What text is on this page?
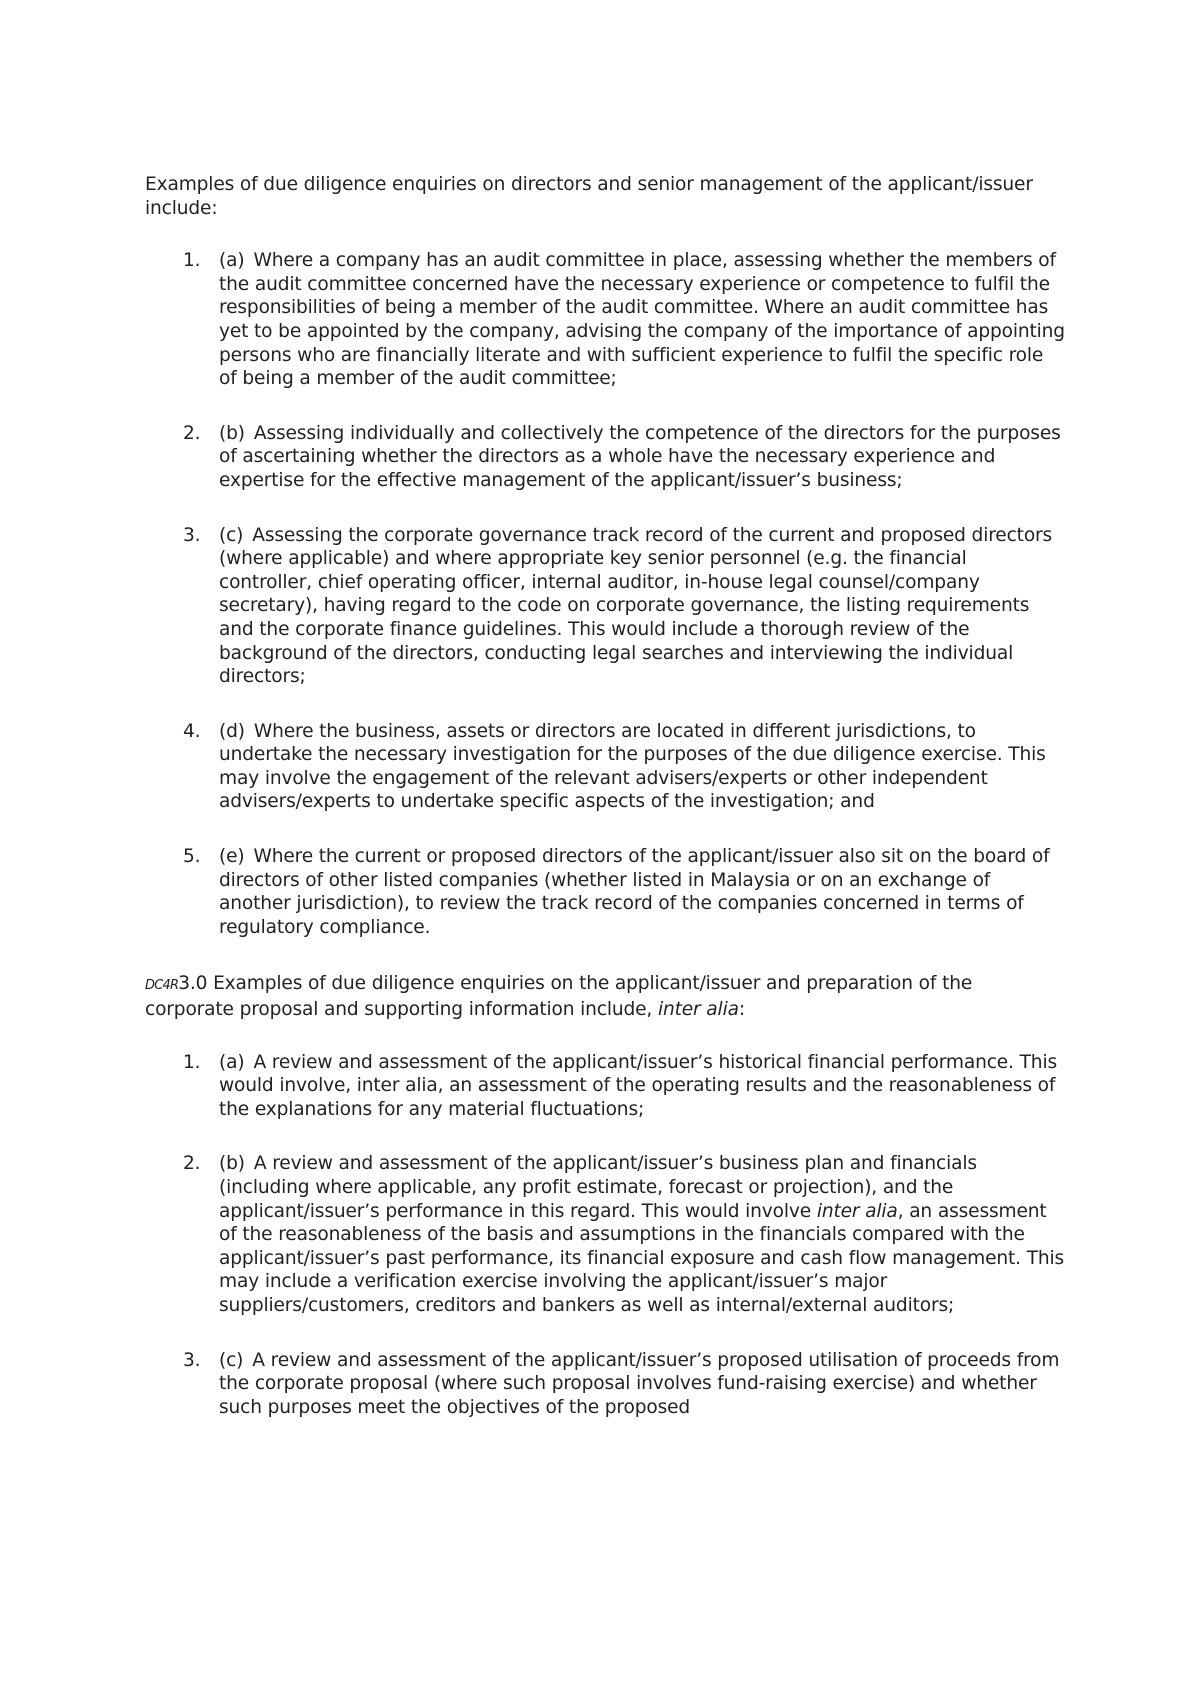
Examples of due diligence enquiries on directors and senior management of the applicant/issuer include:

1. (a) Where a company has an audit committee in place, assessing whether the members of the audit committee concerned have the necessary experience or competence to fulfil the responsibilities of being a member of the audit committee. Where an audit committee has yet to be appointed by the company, advising the company of the importance of appointing persons who are financially literate and with sufficient experience to fulfil the specific role of being a member of the audit committee;
2. (b) Assessing individually and collectively the competence of the directors for the purposes of ascertaining whether the directors as a whole have the necessary experience and expertise for the effective management of the applicant/issuer’s business;
3. (c) Assessing the corporate governance track record of the current and proposed directors (where applicable) and where appropriate key senior personnel (e.g. the financial controller, chief operating officer, internal auditor, in-house legal counsel/company secretary), having regard to the code on corporate governance, the listing requirements and the corporate finance guidelines. This would include a thorough review of the background of the directors, conducting legal searches and interviewing the individual directors;
4. (d) Where the business, assets or directors are located in different jurisdictions, to undertake the necessary investigation for the purposes of the due diligence exercise. This may involve the engagement of the relevant advisers/experts or other independent advisers/experts to undertake specific aspects of the investigation; and
5. (e) Where the current or proposed directors of the applicant/issuer also sit on the board of directors of other listed companies (whether listed in Malaysia or on an exchange of another jurisdiction), to review the track record of the companies concerned in terms of regulatory compliance.

DC4R3.0 Examples of due diligence enquiries on the applicant/issuer and preparation of the corporate proposal and supporting information include, inter alia:

1. (a) A review and assessment of the applicant/issuer’s historical financial performance. This would involve, inter alia, an assessment of the operating results and the reasonableness of the explanations for any material fluctuations;
2. (b) A review and assessment of the applicant/issuer’s business plan and financials (including where applicable, any profit estimate, forecast or projection), and the applicant/issuer’s performance in this regard. This would involve inter alia, an assessment of the reasonableness of the basis and assumptions in the financials compared with the applicant/issuer’s past performance, its financial exposure and cash flow management. This may include a verification exercise involving the applicant/issuer’s major suppliers/customers, creditors and bankers as well as internal/external auditors;
3. (c) A review and assessment of the applicant/issuer’s proposed utilisation of proceeds from the corporate proposal (where such proposal involves fund-raising exercise) and whether such purposes meet the objectives of the proposed
